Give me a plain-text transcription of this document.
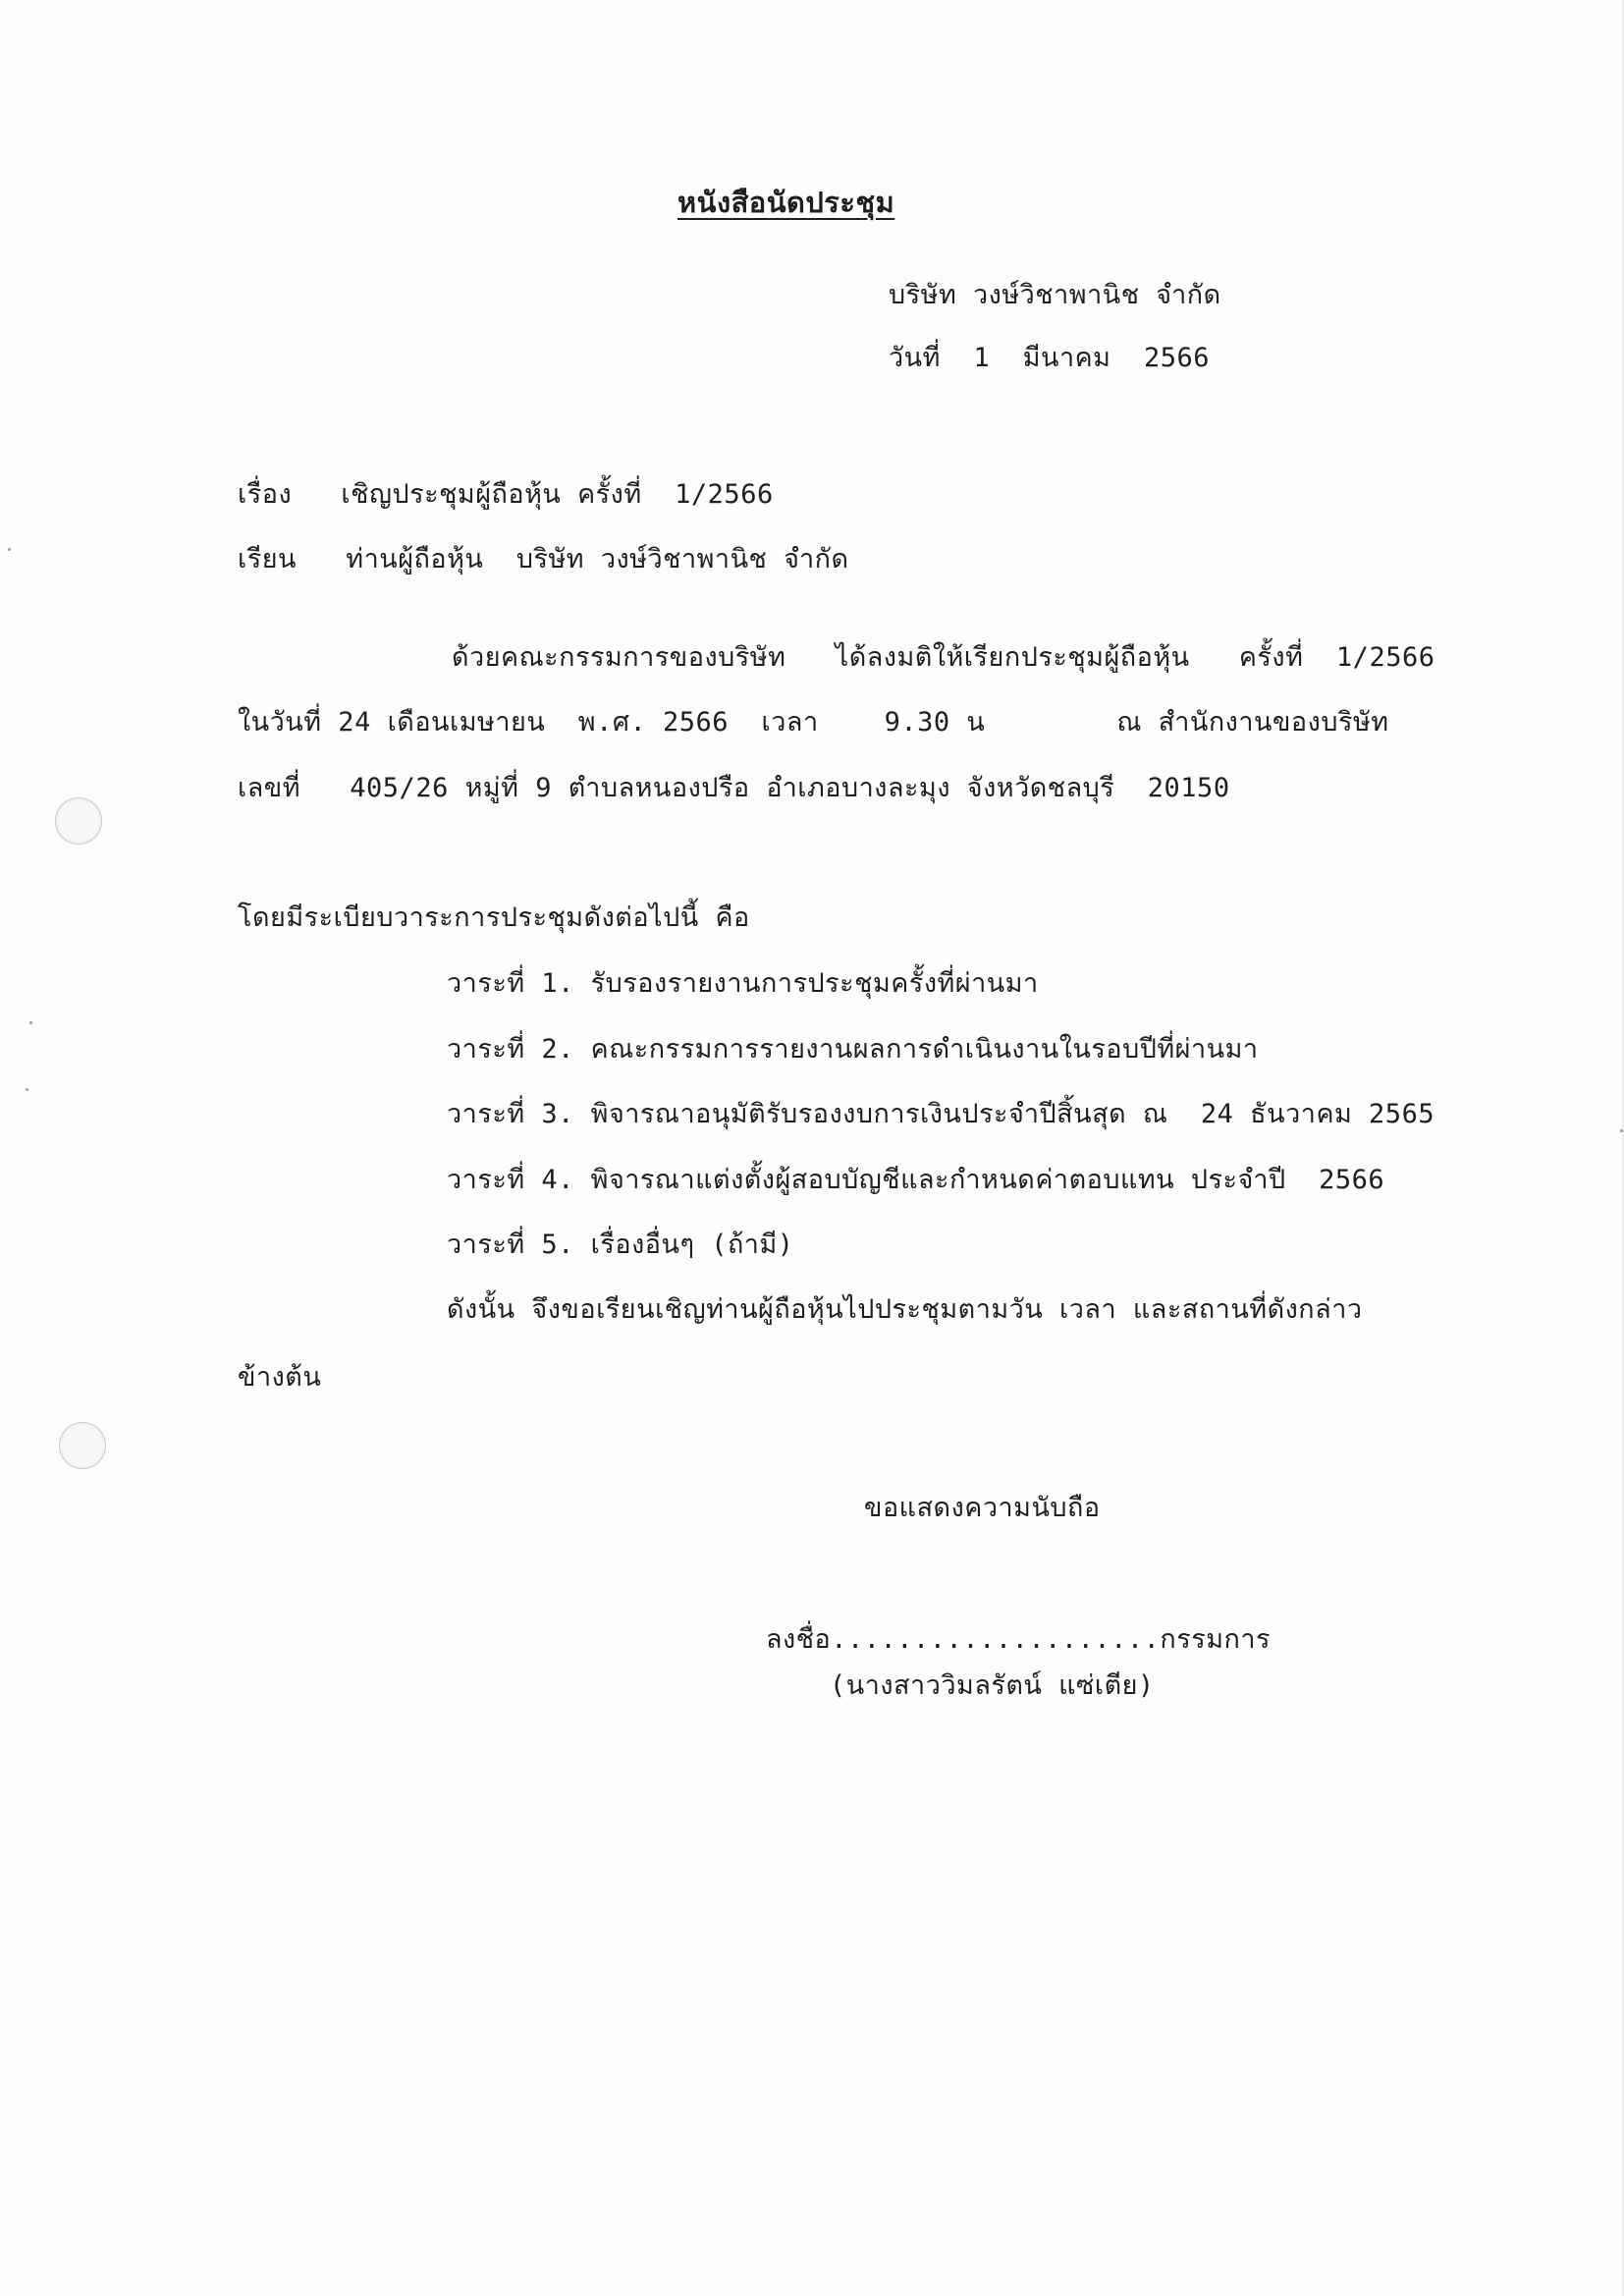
หนังสือนัดประชุม
บริษัท วงษ์วิชาพานิช จำกัด
วันที่  1  มีนาคม  2566
เรื่อง   เชิญประชุมผู้ถือหุ้น ครั้งที่  1/2566
เรียน   ท่านผู้ถือหุ้น  บริษัท วงษ์วิชาพานิช จำกัด
ด้วยคณะกรรมการของบริษัท   ได้ลงมติให้เรียกประชุมผู้ถือหุ้น   ครั้งที่  1/2566
ในวันที่ 24 เดือนเมษายน  พ.ศ. 2566  เวลา    9.30 น        ณ สำนักงานของบริษัท
เลขที่   405/26 หมู่ที่ 9 ตำบลหนองปรือ อำเภอบางละมุง จังหวัดชลบุรี  20150
โดยมีระเบียบวาระการประชุมดังต่อไปนี้ คือ
วาระที่ 1. รับรองรายงานการประชุมครั้งที่ผ่านมา
วาระที่ 2. คณะกรรมการรายงานผลการดำเนินงานในรอบปีที่ผ่านมา
วาระที่ 3. พิจารณาอนุมัติรับรองงบการเงินประจำปีสิ้นสุด ณ  24 ธันวาคม 2565
วาระที่ 4. พิจารณาแต่งตั้งผู้สอบบัญชีและกำหนดค่าตอบแทน ประจำปี  2566
วาระที่ 5. เรื่องอื่นๆ (ถ้ามี)
ดังนั้น จึงขอเรียนเชิญท่านผู้ถือหุ้นไปประชุมตามวัน เวลา และสถานที่ดังกล่าว
ข้างต้น
ขอแสดงความนับถือ
ลงชื่อ....................กรรมการ
(นางสาววิมลรัตน์ แซ่เตีย)
